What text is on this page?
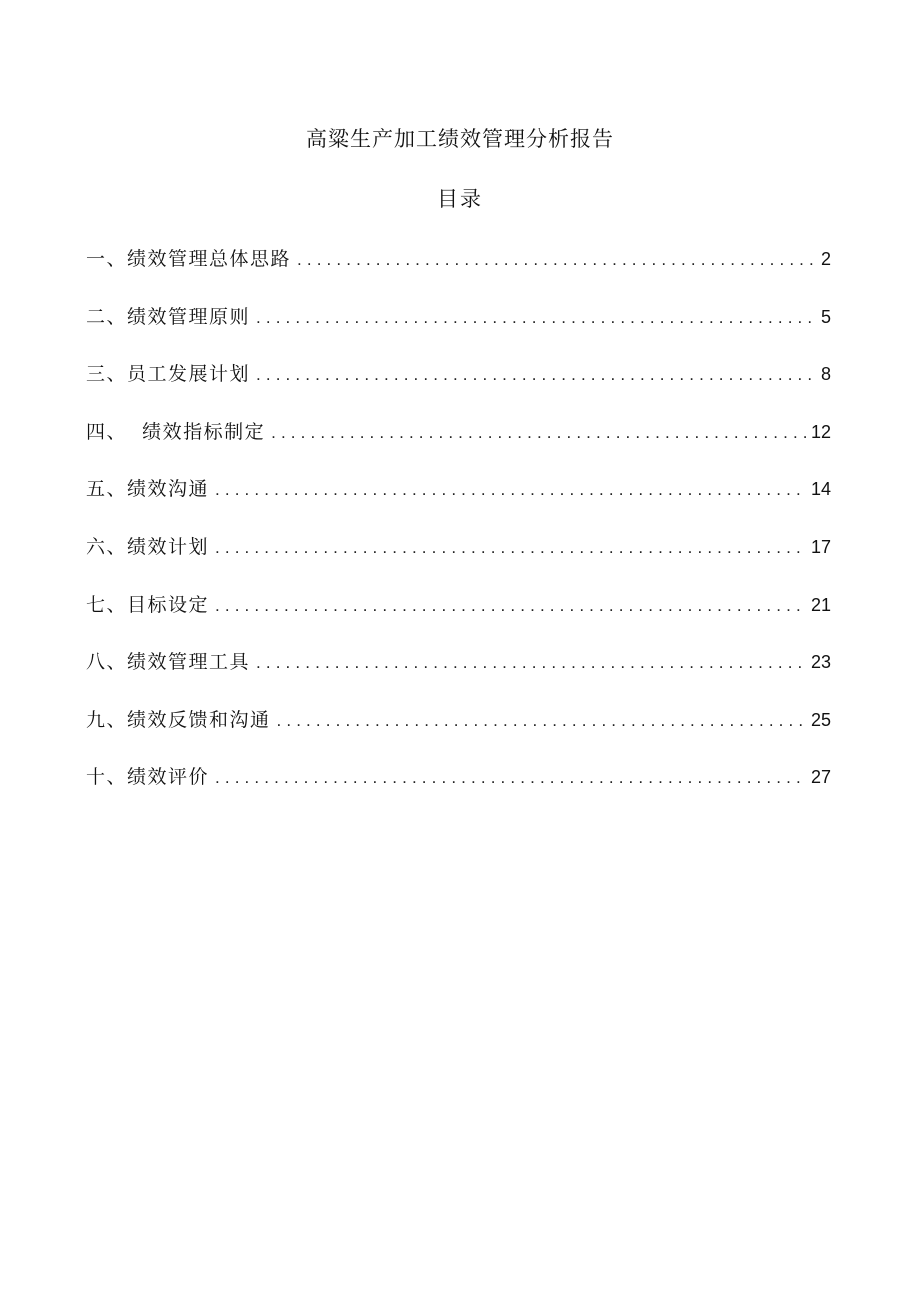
高粱生产加工绩效管理分析报告
目录
一、绩效管理总体思路 . . .	2
二、绩效管理原则 . . .	5
三、员工发展计划 . . .	8
四、  绩效指标制定 . . .	12
五、绩效沟通 . . .	14
六、绩效计划 . . .	17
七、目标设定 . . .	21
八、绩效管理工具 . . .	23
九、绩效反馈和沟通 . . .	25
十、绩效评价 . . .	27
